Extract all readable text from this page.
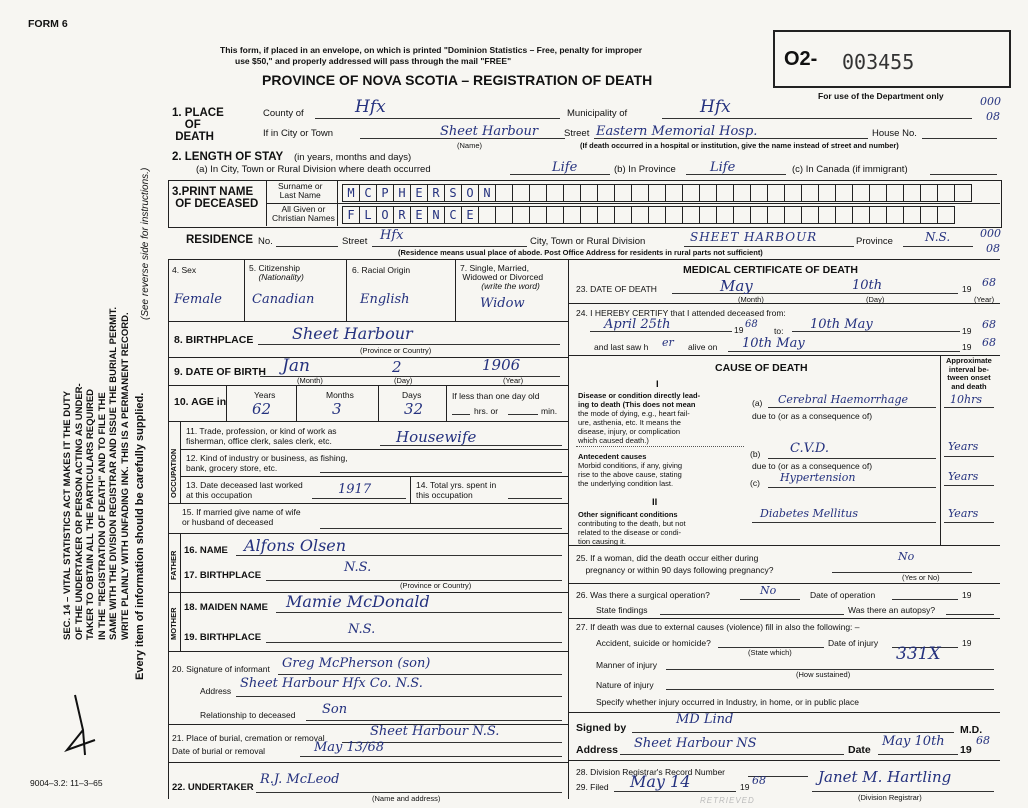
FORM 6
This form, if placed in an envelope, on which is printed "Dominion Statistics – Free, penalty for improper
use $50," and properly addressed will pass through the mail "FREE"
PROVINCE OF NOVA SCOTIA – REGISTRATION OF DEATH
O2- 003455
For use of the Department only
SEC. 14 – VITAL STATISTICS ACT MAKES IT THE DUTY OF THE UNDERTAKER OR PERSON ACTING AS UNDER- TAKER TO OBTAIN ALL THE PARTICULARS REQUIRED IN THE "REGISTRATION OF DEATH" AND TO FILE THE SAME WITH THE DIVISION REGISTRAR AND ISSUE THE BURIAL PERMIT. WRITE PLAINLY WITH UNFADING INK. THIS IS A PERMANENT RECORD. Every item of information should be carefully supplied.
(See reverse side for instructions.)
9004–3.2: 11–3–65
1. PLACE
OF
DEATH
County of	Hfx	Municipality of	Hfx	000
08
If in City or Town	Sheet Harbour	Street Eastern Memorial Hosp.	House No.
(Name)	(If death occurred in a hospital or institution, give the name instead of street and number)
2. LENGTH OF STAY (in years, months and days)
(a) In City, Town or Rural Division where death occurred	Life	(b) In Province	Life	(c) In Canada (if immigrant)
3.PRINT NAME
OF DECEASED
Surname or
Last Name
All Given or
Christian Names
M C P H E R S O N
F L O R E N C E
RESIDENCE No.	Street Hfx	City, Town or Rural Division	SHEET HARBOUR	Province	N.S.	000
08
(Residence means usual place of abode. Post Office Address for residents in rural parts not sufficient)
4. Sex	5. Citizenship
(Nationality)
6. Racial Origin	7. Single, Married,
Widowed or Divorced
(write the word)
Female Canadian	English	Widow
8. BIRTHPLACE Sheet Harbour
(Province or Country)
9. DATE OF BIRTH Jan	2	1906
(Month)	(Day)	(Year)
10. AGE in
Years	Months	Days
62	3	32
If less than one day old
hrs. or	min.
OCCUPATION
11. Trade, profession, or kind of work as
fisherman, office clerk, sales clerk, etc.	Housewife
12. Kind of industry or business, as fishing,
bank, grocery store, etc.
13. Date deceased last worked
at this occupation	1917	14. Total yrs. spent in
this occupation
15. If married give name of wife
or husband of deceased
FATHER
16. NAME Alfons Olsen
17. BIRTHPLACE
N.S.
(Province or Country)
MOTHER 18. MAIDEN NAME Mamie McDonald
19. BIRTHPLACE
N.S.
20. Signature of informant Greg McPherson (son)
Address Sheet Harbour Hfx Co. N.S.
Relationship to deceased Son
21. Place of burial, cremation or removal
Date of burial or removal
Sheet Harbour N.S.
May 13/68
22. UNDERTAKER
R.J. McLeod
(Name and address)
MEDICAL CERTIFICATE OF DEATH
23. DATE OF DEATH	May	10th	19 68
(Month)	(Day)	(Year)
24. I HEREBY CERTIFY that I attended deceased from:
April 25th	19 68
to: 10th May	19 68
and last saw h er alive on 10th May	19 68
CAUSE OF DEATH
Approximate
interval be-
tween onset
and death
I
Disease or condition directly lead-
ing to death (This does not mean
the mode of dying, e.g., heart fail-
ure, asthenia, etc. It means the
disease, injury, or complication
which caused death.)
(a) Cerebral Haemorrhage	10hrs
due to (or as a consequence of)
Antecedent causes
Morbid conditions, if any, giving
rise to the above cause, stating
the underlying condition last.
(b) C.V.D.	Years
due to (or as a consequence of)
(c) Hypertension	Years
II
Other significant conditions
contributing to the death, but not
related to the disease or condi-
tion causing it.
Diabetes Mellitus	Years
25. If a woman, did the death occur either during
pregnancy or within 90 days following pregnancy?
No
(Yes or No)
26. Was there a surgical operation?	No	Date of operation	19
State findings	Was there an autopsy?
27. If death was due to external causes (violence) fill in also the following: –
Accident, suicide or homicide?	Date of injury	19
(State which)
Manner of injury
331X
(How sustained)
Nature of injury
Specify whether injury occurred in Industry, in home, or in public place
Signed by
MD Lind
M.D.
Address Sheet Harbour NS	Date
May 10th
19
68
28. Division Registrar's Record Number
29. Filed May 14	19 68	Janet M. Hartling
(Division Registrar)
RETRIEVED
